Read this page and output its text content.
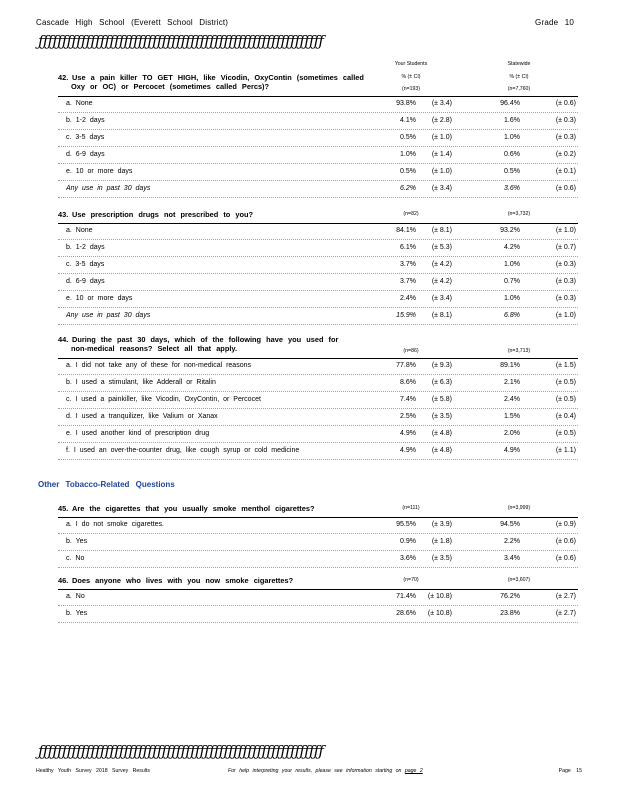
Cascade High School (Everett School District)	Grade 10
ƒƒƒƒƒƒƒƒƒƒƒƒƒƒƒƒƒƒƒƒƒƒƒƒƒƒƒƒƒƒƒƒƒƒƒƒƒƒƒƒƒƒƒƒƒƒƒƒƒƒƒƒƒƒƒƒƒƒƒƒ
Your Students	Statewide
% (± CI)	% (± CI)
42. Use a pain killer TO GET HIGH, like Vicodin, OxyContin (sometimes called
Oxy or OC) or Percocet (sometimes called Percs)?	(n=193)	(n=7,760)
a. None	93.8% (± 3.4)	96.4%	(± 0.6)
b. 1-2 days	4.1% (± 2.8)	1.6%	(± 0.3)
c. 3-5 days	0.5% (± 1.0)	1.0%	(± 0.3)
d. 6-9 days	1.0% (± 1.4)	0.6%	(± 0.2)
e. 10 or more days	0.5% (± 1.0)	0.5%	(± 0.1)
Any use in past 30 days	6.2% (± 3.4)	3.6%	(± 0.6)
43. Use prescription drugs not prescribed to you?	(n=82)	(n=3,732)
a. None	84.1% (± 8.1)	93.2%	(± 1.0)
b. 1-2 days	6.1% (± 5.3)	4.2%	(± 0.7)
c. 3-5 days	3.7% (± 4.2)	1.0%	(± 0.3)
d. 6-9 days	3.7% (± 4.2)	0.7%	(± 0.3)
e. 10 or more days	2.4% (± 3.4)	1.0%	(± 0.3)
Any use in past 30 days	15.9% (± 8.1)	6.8%	(± 1.0)
44. During the past 30 days, which of the following have you used for
non-medical reasons? Select all that apply.	(n=86)	(n=3,713)
a. I did not take any of these for non-medical reasons	77.8% (± 9.3)	89.1%	(± 1.5)
b. I used a stimulant, like Adderall or Ritalin	8.6% (± 6.3)	2.1%	(± 0.5)
c. I used a painkiller, like Vicodin, OxyContin, or Percocet	7.4% (± 5.8)	2.4%	(± 0.5)
d. I used a tranquilizer, like Valium or Xanax	2.5% (± 3.5)	1.5%	(± 0.4)
e. I used another kind of prescription drug	4.9% (± 4.8)	2.0%	(± 0.5)
f. I used an over-the-counter drug, like cough syrup or cold medicine	4.9% (± 4.8)	4.9%	(± 1.1)
45. Are the cigarettes that you usually smoke menthol cigarettes?	(n=111)	(n=3,999)
a. I do not smoke cigarettes.	95.5% (± 3.9)	94.5%	(± 0.9)
b. Yes	0.9% (± 1.8)	2.2%	(± 0.6)
c. No	3.6% (± 3.5)	3.4%	(± 0.6)
46. Does anyone who lives with you now smoke cigarettes?	(n=70)	(n=3,607)
a. No	71.4% (± 10.8)	76.2%	(± 2.7)
b. Yes	28.6% (± 10.8)	23.8%	(± 2.7)
Other Tobacco-Related Questions
ƒƒƒƒƒƒƒƒƒƒƒƒƒƒƒƒƒƒƒƒƒƒƒƒƒƒƒƒƒƒƒƒƒƒƒƒƒƒƒƒƒƒƒƒƒƒƒƒƒƒƒƒƒƒƒƒƒƒƒƒ
Healthy Youth Survey 2018 Survey Results	For help interpreting your results, please see information starting on page 2	Page 15
